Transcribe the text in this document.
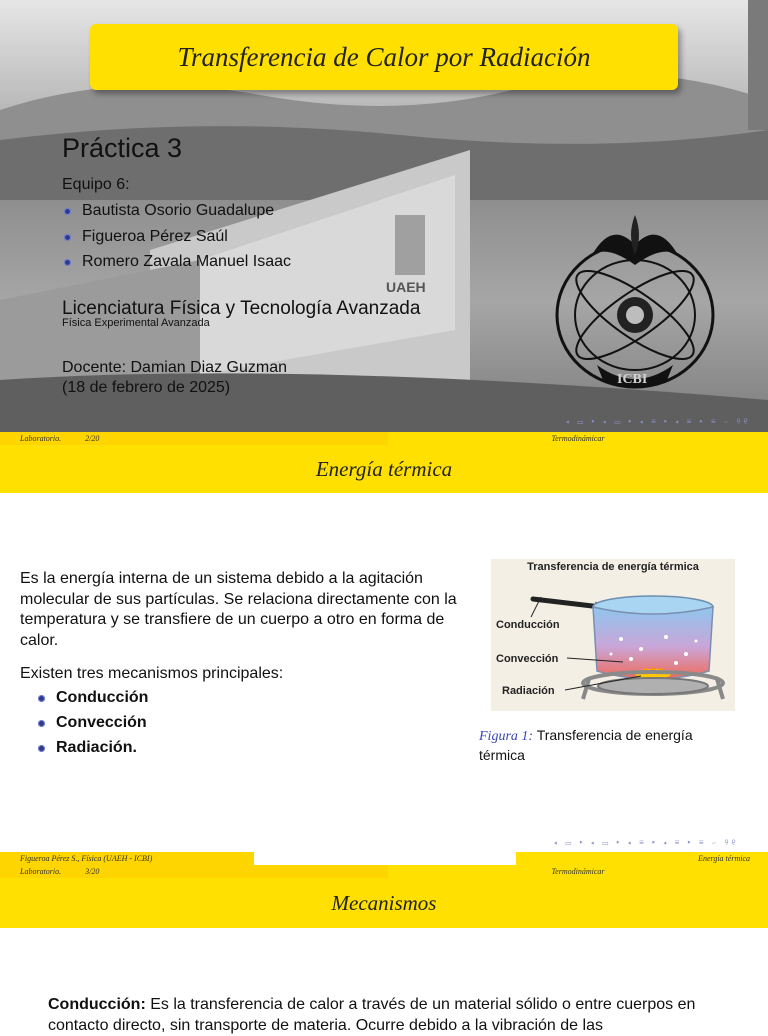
UAEH
Transferencia de Calor por Radiación
Práctica 3
Equipo 6:
Bautista Osorio Guadalupe
Figueroa Pérez Saúl
Romero Zavala Manuel Isaac
Licenciatura Física y Tecnología Avanzada
Física Experimental Avanzada
Docente: Damian Diaz Guzman
(18 de febrero de 2025)	ICBI
◂ ▭ ▸ ◂ ▭ ▸ ◂ ≡ ▸ ◂ ≡ ▸ ≡ ∽ ୨୧
Laboratorio.	2/20	Termodinámicar
Energía térmica
Es la energía interna de un sistema debido a la agitación molecular de sus partículas. Se relaciona directamente con la temperatura y se transfiere de un cuerpo a otro en forma de calor.
Existen tres mecanismos principales:
Conducción
Convección
Radiación.
Transferencia de energía térmica
Conducción
Convección
Radiación
Figura 1: Transferencia de energía térmica
◂ ▭ ▸ ◂ ▭ ▸ ◂ ≡ ▸ ◂ ≡ ▸ ≡ ∽ ୨୧
Figueroa Pérez S., Física (UAEH - ICBI)	Energía térmica
Laboratorio.	3/20	Termodinámicar
Mecanismos
Conducción: Es la transferencia de calor a través de un material sólido o entre cuerpos en contacto directo, sin transporte de materia. Ocurre debido a la vibración de las
